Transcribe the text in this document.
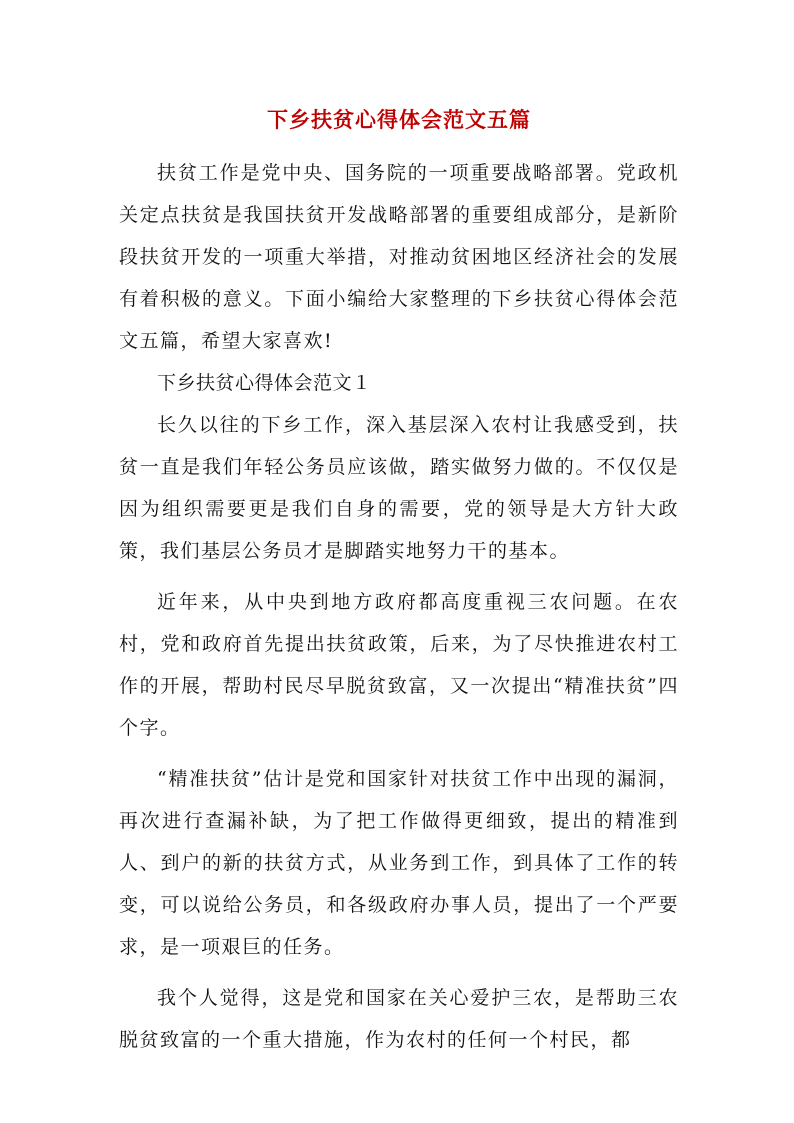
下乡扶贫心得体会范文五篇

扶贫工作是党中央、国务院的一项重要战略部署。党政机关定点扶贫是我国扶贫开发战略部署的重要组成部分，是新阶段扶贫开发的一项重大举措，对推动贫困地区经济社会的发展有着积极的意义。下面小编给大家整理的下乡扶贫心得体会范文五篇，希望大家喜欢!

下乡扶贫心得体会范文１

长久以往的下乡工作，深入基层深入农村让我感受到，扶贫一直是我们年轻公务员应该做，踏实做努力做的。不仅仅是因为组织需要更是我们自身的需要，党的领导是大方针大政策，我们基层公务员才是脚踏实地努力干的基本。

近年来，从中央到地方政府都高度重视三农问题。在农村，党和政府首先提出扶贫政策，后来，为了尽快推进农村工作的开展，帮助村民尽早脱贫致富，又一次提出“精准扶贫”四个字。

“精准扶贫”估计是党和国家针对扶贫工作中出现的漏洞，再次进行查漏补缺，为了把工作做得更细致，提出的精准到人、到户的新的扶贫方式，从业务到工作，到具体了工作的转变，可以说给公务员，和各级政府办事人员，提出了一个严要求，是一项艰巨的任务。

我个人觉得，这是党和国家在关心爱护三农，是帮助三农脱贫致富的一个重大措施，作为农村的任何一个村民，都
